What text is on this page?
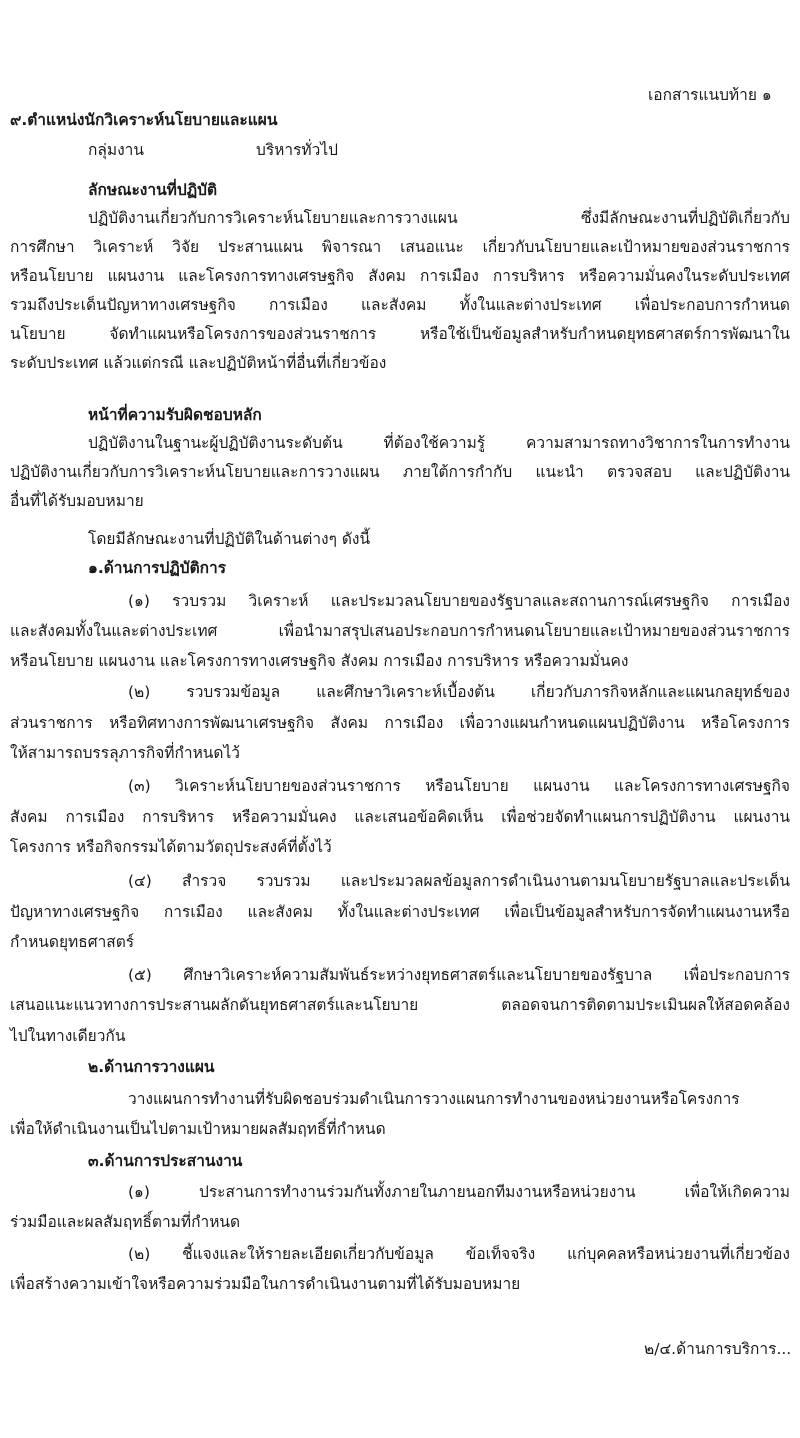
เอกสารแนบท้าย ๑
๙.ตำแหน่งนักวิเคราะห์นโยบายและแผน
กลุ่มงาน	บริหารทั่วไป
ลักษณะงานที่ปฏิบัติ
ปฏิบัติงานเกี่ยวกับการวิเคราะห์นโยบายและการวางแผน ซึ่งมีลักษณะงานที่ปฏิบัติเกี่ยวกับ
การศึกษา วิเคราะห์ วิจัย ประสานแผน พิจารณา เสนอแนะ เกี่ยวกับนโยบายและเป้าหมายของส่วนราชการ
หรือนโยบาย แผนงาน และโครงการทางเศรษฐกิจ สังคม การเมือง การบริหาร หรือความมั่นคงในระดับประเทศ
รวมถึงประเด็นปัญหาทางเศรษฐกิจ การเมือง และสังคม ทั้งในและต่างประเทศ เพื่อประกอบการกำหนด
นโยบาย จัดทำแผนหรือโครงการของส่วนราชการ หรือใช้เป็นข้อมูลสำหรับกำหนดยุทธศาสตร์การพัฒนาใน
ระดับประเทศ แล้วแต่กรณี และปฏิบัติหน้าที่อื่นที่เกี่ยวข้อง
หน้าที่ความรับผิดชอบหลัก
ปฏิบัติงานในฐานะผู้ปฏิบัติงานระดับต้น ที่ต้องใช้ความรู้ ความสามารถทางวิชาการในการทำงาน
ปฏิบัติงานเกี่ยวกับการวิเคราะห์นโยบายและการวางแผน ภายใต้การกำกับ แนะนำ ตรวจสอบ และปฏิบัติงาน
อื่นที่ได้รับมอบหมาย
โดยมีลักษณะงานที่ปฏิบัติในด้านต่างๆ ดังนี้
๑.ด้านการปฏิบัติการ
(๑) รวบรวม วิเคราะห์ และประมวลนโยบายของรัฐบาลและสถานการณ์เศรษฐกิจ การเมือง
และสังคมทั้งในและต่างประเทศ เพื่อนำมาสรุปเสนอประกอบการกำหนดนโยบายและเป้าหมายของส่วนราชการ
หรือนโยบาย แผนงาน และโครงการทางเศรษฐกิจ สังคม การเมือง การบริหาร หรือความมั่นคง
(๒) รวบรวมข้อมูล และศึกษาวิเคราะห์เบื้องต้น เกี่ยวกับภารกิจหลักและแผนกลยุทธ์ของ
ส่วนราชการ หรือทิศทางการพัฒนาเศรษฐกิจ สังคม การเมือง เพื่อวางแผนกำหนดแผนปฏิบัติงาน หรือโครงการ
ให้สามารถบรรลุภารกิจที่กำหนดไว้
(๓) วิเคราะห์นโยบายของส่วนราชการ หรือนโยบาย แผนงาน และโครงการทางเศรษฐกิจ
สังคม การเมือง การบริหาร หรือความมั่นคง และเสนอข้อคิดเห็น เพื่อช่วยจัดทำแผนการปฏิบัติงาน แผนงาน
โครงการ หรือกิจกรรมได้ตามวัตถุประสงค์ที่ตั้งไว้
(๔) สำรวจ รวบรวม และประมวลผลข้อมูลการดำเนินงานตามนโยบายรัฐบาลและประเด็น
ปัญหาทางเศรษฐกิจ การเมือง และสังคม ทั้งในและต่างประเทศ เพื่อเป็นข้อมูลสำหรับการจัดทำแผนงานหรือ
กำหนดยุทธศาสตร์
(๕) ศึกษาวิเคราะห์ความสัมพันธ์ระหว่างยุทธศาสตร์และนโยบายของรัฐบาล เพื่อประกอบการ
เสนอแนะแนวทางการประสานผลักดันยุทธศาสตร์และนโยบาย ตลอดจนการติดตามประเมินผลให้สอดคล้อง
ไปในทางเดียวกัน
๒.ด้านการวางแผน
วางแผนการทำงานที่รับผิดชอบร่วมดำเนินการวางแผนการทำงานของหน่วยงานหรือโครงการ
เพื่อให้ดำเนินงานเป็นไปตามเป้าหมายผลสัมฤทธิ์ที่กำหนด
๓.ด้านการประสานงาน
(๑) ประสานการทำงานร่วมกันทั้งภายในภายนอกทีมงานหรือหน่วยงาน เพื่อให้เกิดความ
ร่วมมือและผลสัมฤทธิ์ตามที่กำหนด
(๒) ชี้แจงและให้รายละเอียดเกี่ยวกับข้อมูล ข้อเท็จจริง แก่บุคคลหรือหน่วยงานที่เกี่ยวข้อง
เพื่อสร้างความเข้าใจหรือความร่วมมือในการดำเนินงานตามที่ได้รับมอบหมาย
๒/๔.ด้านการบริการ...
